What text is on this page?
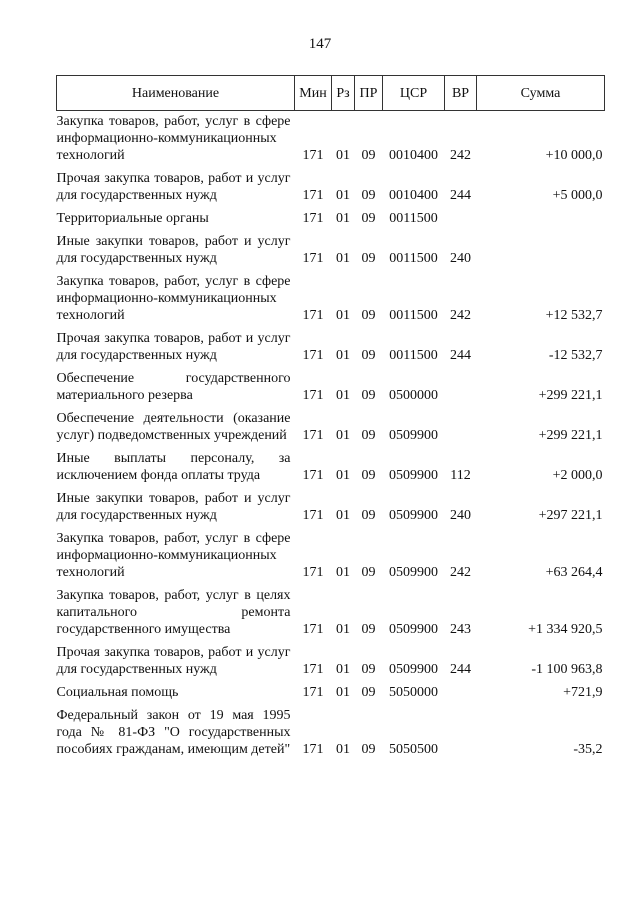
147
Наименование	Мин	Рз	ПР	ЦСР	ВР	Сумма
Закупка товаров, работ, услуг в сфере информационно-коммуникационных технологий	171	01	09	0010400	242	+10 000,0
Прочая закупка товаров, работ и услуг для государственных нужд	171	01	09	0010400	244	+5 000,0
Территориальные органы	171	01	09	0011500		
Иные закупки товаров, работ и услуг для государственных нужд	171	01	09	0011500	240	
Закупка товаров, работ, услуг в сфере информационно-коммуникационных технологий	171	01	09	0011500	242	+12 532,7
Прочая закупка товаров, работ и услуг для государственных нужд	171	01	09	0011500	244	-12 532,7
Обеспечение государственного материального резерва	171	01	09	0500000		+299 221,1
Обеспечение деятельности (оказание услуг) подведомственных учреждений	171	01	09	0509900		+299 221,1
Иные выплаты персоналу, за исключением фонда оплаты труда	171	01	09	0509900	112	+2 000,0
Иные закупки товаров, работ и услуг для государственных нужд	171	01	09	0509900	240	+297 221,1
Закупка товаров, работ, услуг в сфере информационно-коммуникационных технологий	171	01	09	0509900	242	+63 264,4
Закупка товаров, работ, услуг в целях капитального ремонта государственного имущества	171	01	09	0509900	243	+1 334 920,5
Прочая закупка товаров, работ и услуг для государственных нужд	171	01	09	0509900	244	-1 100 963,8
Социальная помощь	171	01	09	5050000		+721,9
Федеральный закон от 19 мая 1995 года № 81-ФЗ "О государственных пособиях гражданам, имеющим детей"	171	01	09	5050500		-35,2
